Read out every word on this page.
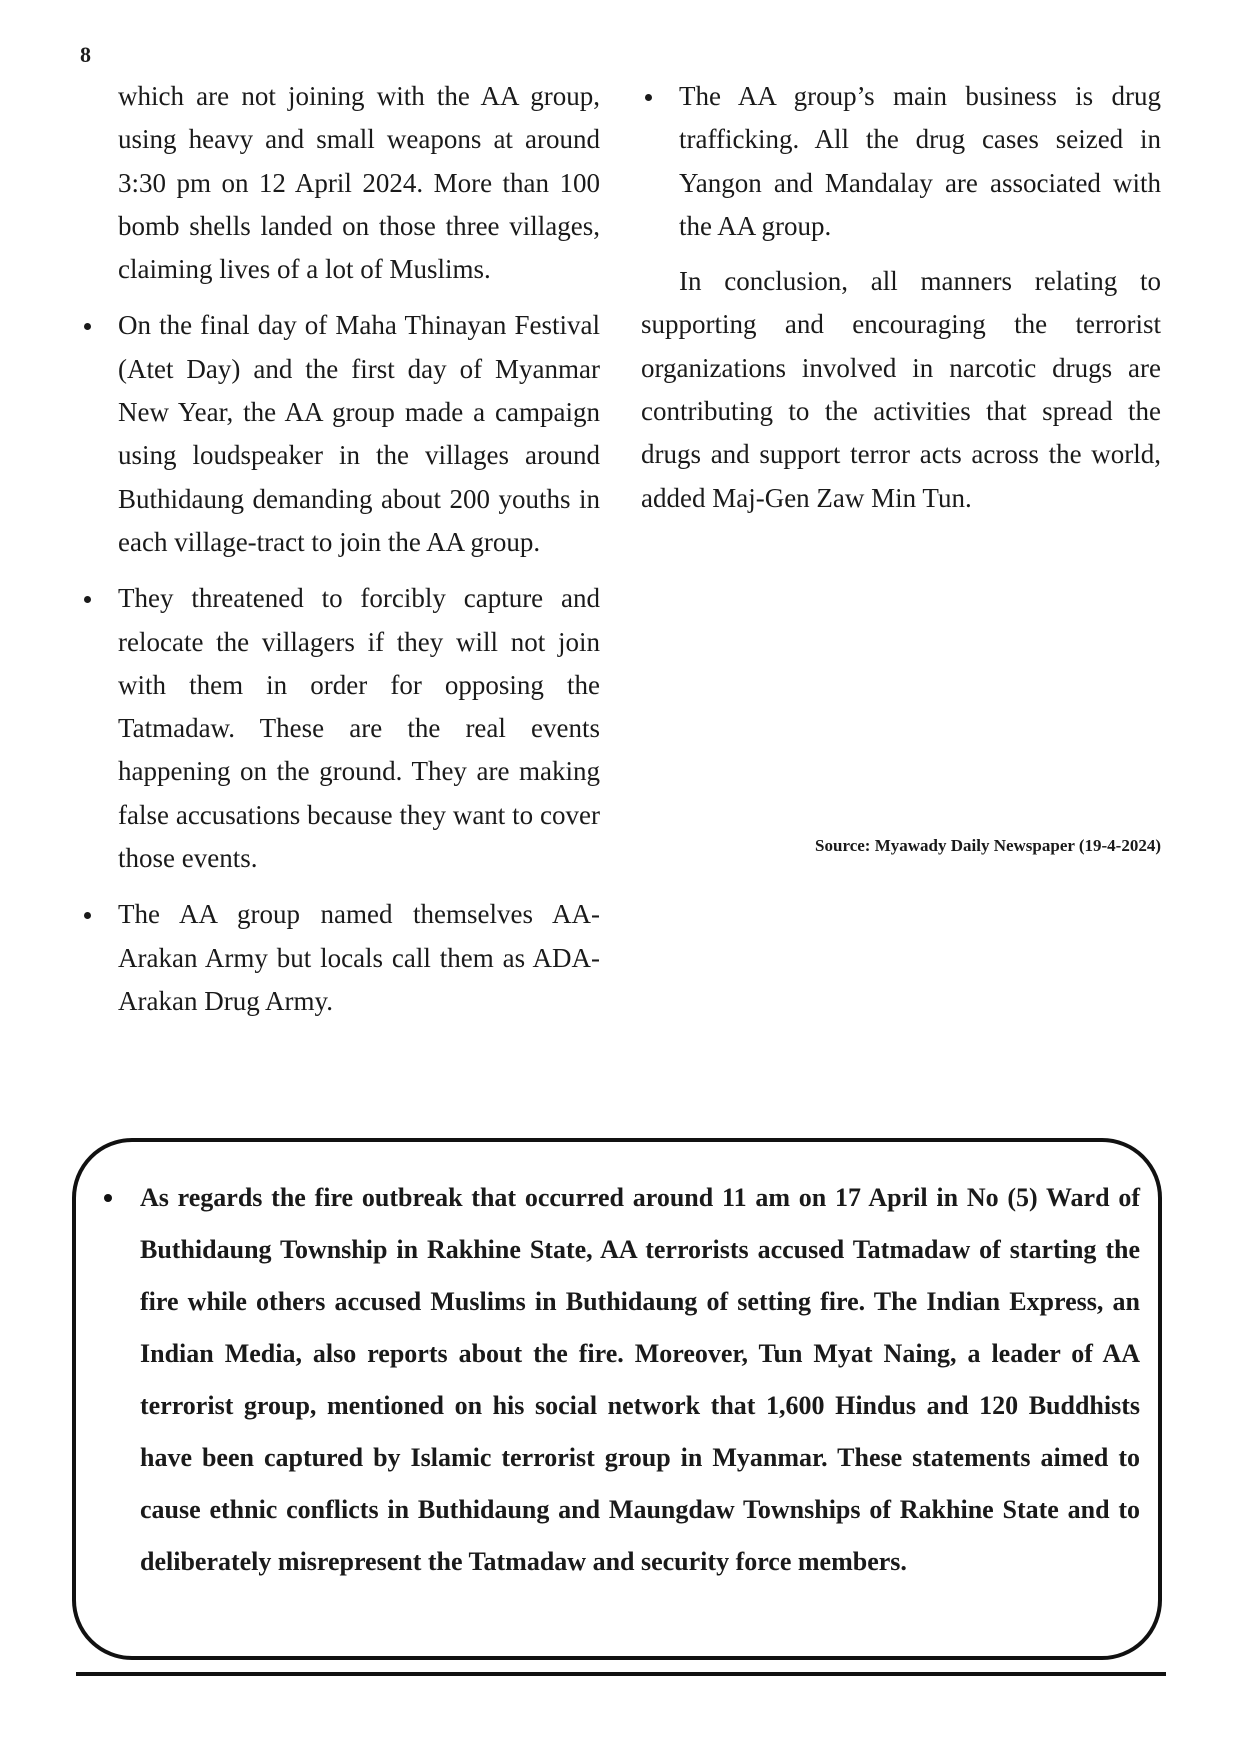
8

which are not joining with the AA group, using heavy and small weapons at around 3:30 pm on 12 April 2024. More than 100 bomb shells landed on those three villages, claiming lives of a lot of Muslims.

On the final day of Maha Thinayan Festival (Atet Day) and the first day of Myanmar New Year, the AA group made a campaign using loudspeaker in the villages around Buthidaung demanding about 200 youths in each village-tract to join the AA group.
They threatened to forcibly capture and relocate the villagers if they will not join with them in order for opposing the Tatmadaw. These are the real events happening on the ground. They are making false accusations because they want to cover those events.
The AA group named themselves AA-Arakan Army but locals call them as ADA- Arakan Drug Army.
The AA group’s main business is drug trafficking. All the drug cases seized in Yangon and Mandalay are associated with the AA group.

In conclusion, all manners relating to supporting and encouraging the terrorist organizations involved in narcotic drugs are contributing to the activities that spread the drugs and support terror acts across the world, added Maj-Gen Zaw Min Tun.

Source: Myawady Daily Newspaper (19-4-2024)

As regards the fire outbreak that occurred around 11 am on 17 April in No (5) Ward of Buthidaung Township in Rakhine State, AA terrorists accused Tatmadaw of starting the fire while others accused Muslims in Buthidaung of setting fire. The Indian Express, an Indian Media, also reports about the fire. Moreover, Tun Myat Naing, a leader of AA terrorist group, mentioned on his social network that 1,600 Hindus and 120 Buddhists have been captured by Islamic terrorist group in Myanmar. These statements aimed to cause ethnic conflicts in Buthidaung and Maungdaw Townships of Rakhine State and to deliberately misrepresent the Tatmadaw and security force members.
